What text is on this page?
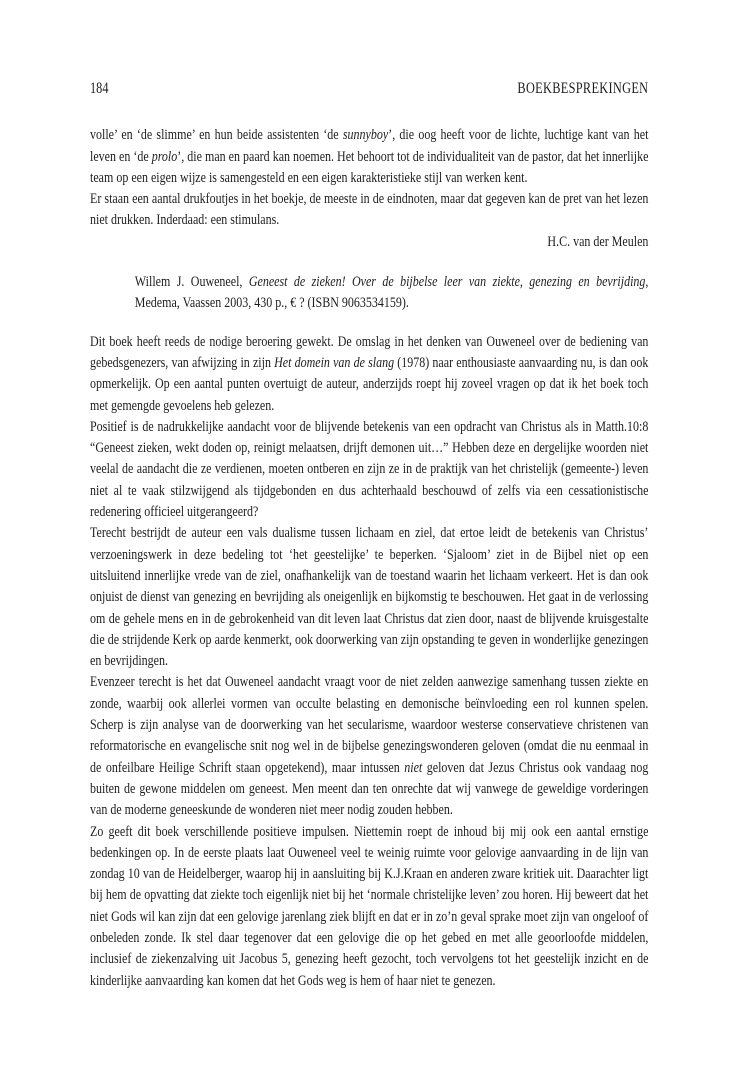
184	BOEKBESPREKINGEN

volle’ en ‘de slimme’ en hun beide assistenten ‘de sunnyboy’, die oog heeft voor de lichte, luchtige kant van het leven en ‘de prolo’, die man en paard kan noemen. Het behoort tot de individualiteit van de pastor, dat het innerlijke team op een eigen wijze is samengesteld en een eigen karakteristieke stijl van werken kent.

Er staan een aantal drukfoutjes in het boekje, de meeste in de eindnoten, maar dat gegeven kan de pret van het lezen niet drukken. Inderdaad: een stimulans.

H.C. van der Meulen

Willem J. Ouweneel, Geneest de zieken! Over de bijbelse leer van ziekte, genezing en bevrijding, Medema, Vaassen 2003, 430 p., € ? (ISBN 9063534159).

Dit boek heeft reeds de nodige beroering gewekt. De omslag in het denken van Ouweneel over de bediening van gebedsgenezers, van afwijzing in zijn Het domein van de slang (1978) naar enthousiaste aanvaarding nu, is dan ook opmerkelijk. Op een aantal punten overtuigt de auteur, anderzijds roept hij zoveel vragen op dat ik het boek toch met gemengde gevoelens heb gelezen.

Positief is de nadrukkelijke aandacht voor de blijvende betekenis van een opdracht van Christus als in Matth.10:8 “Geneest zieken, wekt doden op, reinigt melaatsen, drijft demonen uit…” Hebben deze en dergelijke woorden niet veelal de aandacht die ze verdienen, moeten ontberen en zijn ze in de praktijk van het christelijk (gemeente-) leven niet al te vaak stilzwijgend als tijdgebonden en dus achterhaald beschouwd of zelfs via een cessationistische redenering officieel uitgerangeerd?

Terecht bestrijdt de auteur een vals dualisme tussen lichaam en ziel, dat ertoe leidt de betekenis van Christus’ verzoeningswerk in deze bedeling tot ‘het geestelijke’ te beperken. ‘Sjaloom’ ziet in de Bijbel niet op een uitsluitend innerlijke vrede van de ziel, onafhankelijk van de toestand waarin het lichaam verkeert. Het is dan ook onjuist de dienst van genezing en bevrijding als oneigenlijk en bijkomstig te beschouwen. Het gaat in de verlossing om de gehele mens en in de gebrokenheid van dit leven laat Christus dat zien door, naast de blijvende kruisgestalte die de strijdende Kerk op aarde kenmerkt, ook doorwerking van zijn opstanding te geven in wonderlijke genezingen en bevrijdingen.

Evenzeer terecht is het dat Ouweneel aandacht vraagt voor de niet zelden aanwezige samenhang tussen ziekte en zonde, waarbij ook allerlei vormen van occulte belasting en demonische beïnvloeding een rol kunnen spelen. Scherp is zijn analyse van de doorwerking van het secularisme, waardoor westerse conservatieve christenen van reformatorische en evangelische snit nog wel in de bijbelse genezingswonderen geloven (omdat die nu eenmaal in de onfeilbare Heilige Schrift staan opgetekend), maar intussen niet geloven dat Jezus Christus ook vandaag nog buiten de gewone middelen om geneest. Men meent dan ten onrechte dat wij vanwege de geweldige vorderingen van de moderne geneeskunde de wonderen niet meer nodig zouden hebben.

Zo geeft dit boek verschillende positieve impulsen. Niettemin roept de inhoud bij mij ook een aantal ernstige bedenkingen op. In de eerste plaats laat Ouweneel veel te weinig ruimte voor gelovige aanvaarding in de lijn van zondag 10 van de Heidelberger, waarop hij in aansluiting bij K.J.Kraan en anderen zware kritiek uit. Daarachter ligt bij hem de opvatting dat ziekte toch eigenlijk niet bij het ‘normale christelijke leven’ zou horen. Hij beweert dat het niet Gods wil kan zijn dat een gelovige jarenlang ziek blijft en dat er in zo’n geval sprake moet zijn van ongeloof of onbeleden zonde. Ik stel daar tegenover dat een gelovige die op het gebed en met alle geoorloofde middelen, inclusief de ziekenzalving uit Jacobus 5, genezing heeft gezocht, toch vervolgens tot het geestelijk inzicht en de kinderlijke aanvaarding kan komen dat het Gods weg is hem of haar niet te genezen.
